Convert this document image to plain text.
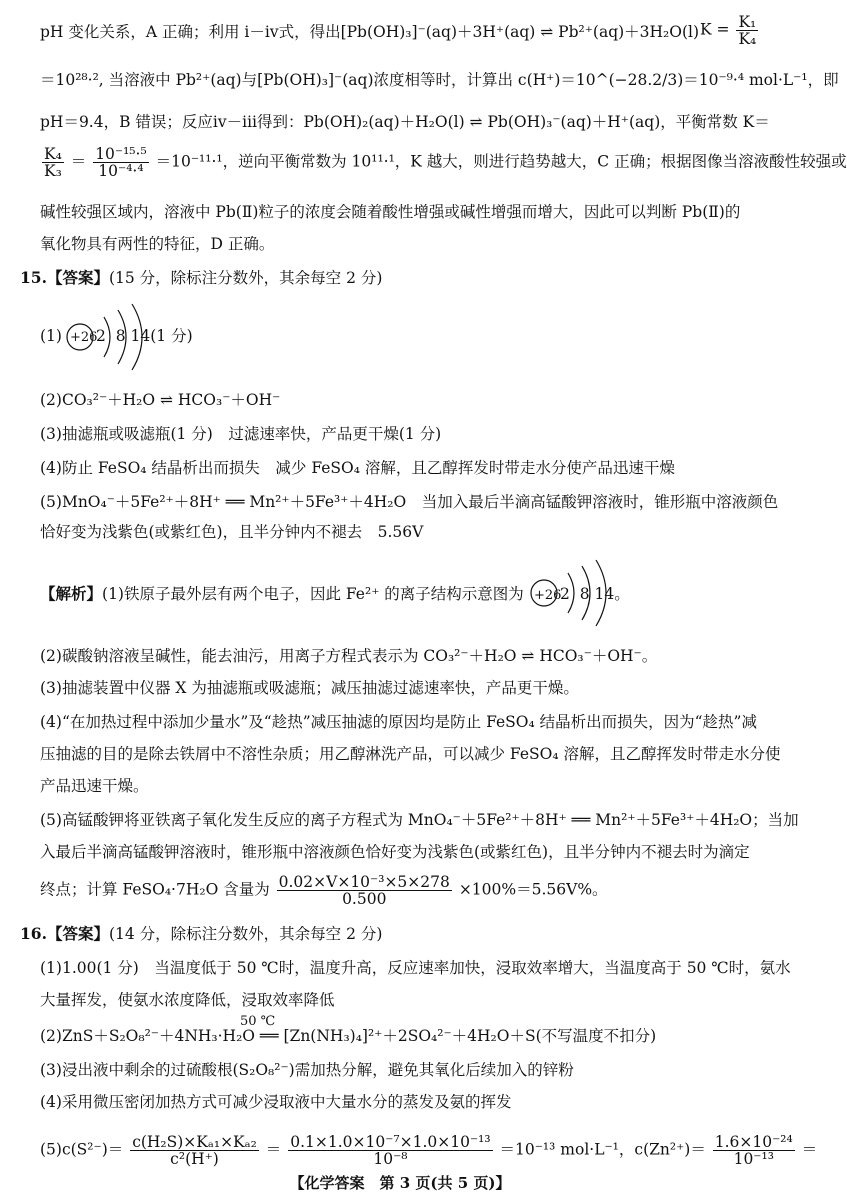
pH 变化关系，A 正确；利用 ⅰ－ⅳ式，得出[Pb(OH)₃]⁻(aq)＋3H⁺(aq) ⇌ Pb²⁺(aq)＋3H₂O(l) $K = \frac{\text{K₁}}{\text{K₄}}$
＝10²⁸·², 当溶液中 Pb²⁺(aq)与[Pb(OH)₃]⁻(aq)浓度相等时，计算出 c(H⁺)＝10^(−28.2/3)＝10⁻⁹·⁴ mol·L⁻¹，即
pH＝9.4，B 错误；反应ⅳ－ⅲ得到：Pb(OH)₂(aq)＋H₂O(l) ⇌ Pb(OH)₃⁻(aq)＋H⁺(aq)，平衡常数 K＝
$\frac{\text{K₄}}{\text{K₃}} = \frac{\text{10⁻¹⁵·⁵}}{\text{10⁻⁴·⁴}} =10^{-11}\cdot^1$，逆向平衡常数为 10¹¹·¹，K 越大，则进行趋势越大，C 正确；根据图像当溶液酸性较强或
碱性较强区域内，溶液中 Pb(Ⅱ)粒子的浓度会随着酸性增强或碱性增强而增大，因此可以判断 Pb(Ⅱ)的
氧化物具有两性的特征，D 正确。
15.【答案】(15 分，除标注分数外，其余每空 2 分)
(1) +26
2  8 14(1 分)
(2)CO₃²⁻＋H₂O ⇌ HCO₃⁻＋OH⁻
(3)抽滤瓶或吸滤瓶(1 分)　过滤速率快，产品更干燥(1 分)
(4)防止 FeSO₄ 结晶析出而损失　减少 FeSO₄ 溶解，且乙醇挥发时带走水分使产品迅速干燥
(5)MnO₄⁻＋5Fe²⁺＋8H⁺ ══ Mn²⁺＋5Fe³⁺＋4H₂O　当加入最后半滴高锰酸钾溶液时，锥形瓶中溶液颜色
恰好变为浅紫色(或紫红色)，且半分钟内不褪去　5.56V
【解析】(1)铁原子最外层有两个电子，因此 Fe²⁺ 的离子结构示意图为 +26
2  8 14。
(2)碳酸钠溶液呈碱性，能去油污，用离子方程式表示为 CO₃²⁻＋H₂O ⇌ HCO₃⁻＋OH⁻。
(3)抽滤装置中仪器 X 为抽滤瓶或吸滤瓶；减压抽滤过滤速率快，产品更干燥。
(4)“在加热过程中添加少量水”及“趁热”减压抽滤的原因均是防止 FeSO₄ 结晶析出而损失，因为“趁热”减
压抽滤的目的是除去铁屑中不溶性杂质；用乙醇淋洗产品，可以减少 FeSO₄ 溶解，且乙醇挥发时带走水分使
产品迅速干燥。
(5)高锰酸钾将亚铁离子氧化发生反应的离子方程式为 MnO₄⁻＋5Fe²⁺＋8H⁺ ══ Mn²⁺＋5Fe³⁺＋4H₂O；当加
入最后半滴高锰酸钾溶液时，锥形瓶中溶液颜色恰好变为浅紫色(或紫红色)，且半分钟内不褪去时为滴定
终点；计算 FeSO₄·7H₂O 含量为 $\frac{\text{0.02×V×10⁻³×5×278}}{0.500} \times 100\%=5.56V\%$。
16.【答案】(14 分，除标注分数外，其余每空 2 分)
(1)1.00(1 分)　当温度低于 50 ℃时，温度升高，反应速率加快，浸取效率增大，当温度高于 50 ℃时，氨水
大量挥发，使氨水浓度降低，浸取效率降低
50 ℃
(2)ZnS＋S₂O₈²⁻＋4NH₃·H₂O ══ [Zn(NH₃)₄]²⁺＋2SO₄²⁻＋4H₂O＋S(不写温度不扣分)
(3)浸出液中剩余的过硫酸根(S₂O₈²⁻)需加热分解，避免其氧化后续加入的锌粉
(4)采用微压密闭加热方式可减少浸取液中大量水分的蒸发及氨的挥发
$(5)c(S^{2-})= \frac{\text{c(H₂S)×Kₐ₁×Kₐ₂}}{\text{c²(H⁺)}} = \frac{\text{0.1×1.0×10⁻⁷×1.0×10⁻¹³}}{\text{10⁻⁸}} =10^{-13}$ mol·L⁻¹，$c(Zn^{2+})= \frac{\text{1.6×10⁻²⁴}}{\text{10⁻¹³}}$ ＝
【化学答案　第 3 页(共 5 页)】
